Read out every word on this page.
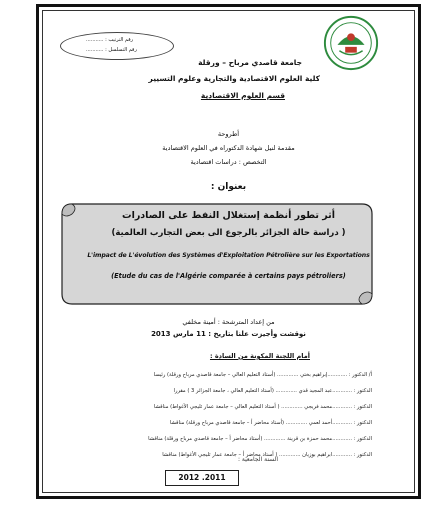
رقم الترتيب : ...........
رقم التسلسل : ...........
جامعة قاصدي مرباح – ورقلة
كلية العلوم الاقتصادية والتجارية وعلوم التسيير
قسم العلوم الاقتصادية
أطروحة
مقدمة لنيل شهادة الدكتوراه في العلوم الاقتصادية
التخصص : دراسات اقتصادية
بعنوان :
أثر تطور أنظمة إستغلال النفط على الصادرات
( دراسة حالة الجزائر بالرجوع الى بعض التجارب العالمية)
L'impact de L'évolution des Systèmes d'Exploitation Pétrolière sur les Exportations
(Etude du cas de l'Algérie comparée à certains pays pétroliers)
من إعداد المترشحة : أمينة مخلفي
نوقشت وأجيزت علنا بتاريخ : 11 مارس 2013
أمام اللجنة المكونة من السادة :
أ/ الدكتور : ............إبراهيم بختي ............. (أستاذ التعليم العالي – جامعة قاصدي مرباح ورقلة) رئيسا
الدكتور : ............عبد المجيد قدي ............. (أستاذ التعليم العالي ، جامعة الجزائر 3 ) مقررا
الدكتور : ............محمد فريجي ............. ( أستاذ التعليم العالي – جامعة عمار ثليجي الأغواط) مناقشا
الدكتور : ............أحمد لعمي ............. (أستاذ محاضر أ – جامعة قاصدي مرباح ورقلة) مناقشا
الدكتور : ............محمد حمزة بن قرينة ............. (أستاذ محاضر أ – جامعة قاصدي مرباح ورقلة) مناقشا
الدكتور : ............ابراهيم بوزيان ............. ( أستاذ محاضر أ – جامعة عمار ثليجي الأغواط) مناقشا
السنة الجامعية :
2012 .2011
